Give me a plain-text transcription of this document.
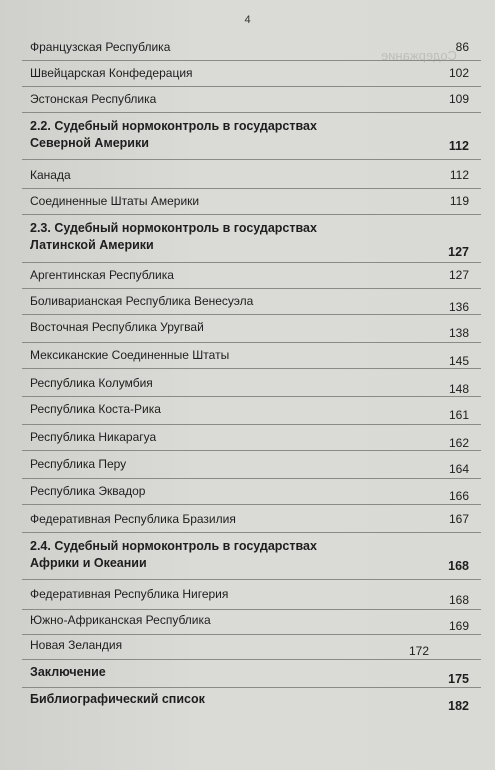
4
Содержание
Французская Республика	86
Швейцарская Конфедерация	102
Эстонская Республика	109
2.2. Судебный нормоконтроль в государствах
Северной Америки	112
Канада	112
Соединенные Штаты Америки	119
2.3. Судебный нормоконтроль в государствах
Латинской Америки	127
Аргентинская Республика	127
Боливарианская Республика Венесуэла	136
Восточная Республика Уругвай	138
Мексиканские Соединенные Штаты	145
Республика Колумбия	148
Республика Коста-Рика	161
Республика Никарагуа	162
Республика Перу	164
Республика Эквадор	166
Федеративная Республика Бразилия	167
2.4. Судебный нормоконтроль в государствах
Африки и Океании	168
Федеративная Республика Нигерия	168
Южно-Африканская Республика	169
Новая Зеландия	172
Заключение	175
Библиографический список	182
